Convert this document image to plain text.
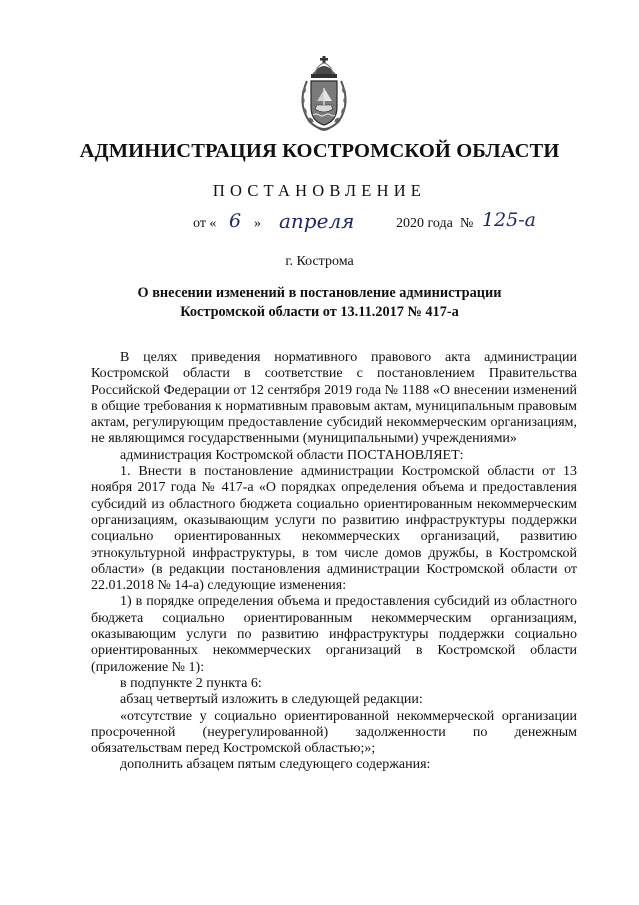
АДМИНИСТРАЦИЯ КОСТРОМСКОЙ ОБЛАСТИ
ПОСТАНОВЛЕНИЕ
от « 6 » апреля	2020 года № 125-а
г. Кострома
О внесении изменений в постановление администрации
Костромской области от 13.11.2017 № 417-а

В целях приведения нормативного правового акта администрации Костромской области в соответствие с постановлением Правительства Российской Федерации от 12 сентября 2019 года № 1188 «О внесении изменений в общие требования к нормативным правовым актам, муниципальным правовым актам, регулирующим предоставление субсидий некоммерческим организациям, не являющимся государственными (муниципальными) учреждениями»

администрация Костромской области ПОСТАНОВЛЯЕТ:

1. Внести в постановление администрации Костромской области от 13 ноября 2017 года № 417-а «О порядках определения объема и предоставления субсидий из областного бюджета социально ориентированным некоммерческим организациям, оказывающим услуги по развитию инфраструктуры поддержки социально ориентированных некоммерческих организаций, развитию этнокультурной инфраструктуры, в том числе домов дружбы, в Костромской области» (в редакции постановления администрации Костромской области от 22.01.2018 № 14-а) следующие изменения:

1) в порядке определения объема и предоставления субсидий из областного бюджета социально ориентированным некоммерческим организациям, оказывающим услуги по развитию инфраструктуры поддержки социально ориентированных некоммерческих организаций в Костромской области (приложение № 1):

в подпункте 2 пункта 6:

абзац четвертый изложить в следующей редакции:

«отсутствие у социально ориентированной некоммерческой организации просроченной (неурегулированной) задолженности по денежным обязательствам перед Костромской областью;»;

дополнить абзацем пятым следующего содержания:
